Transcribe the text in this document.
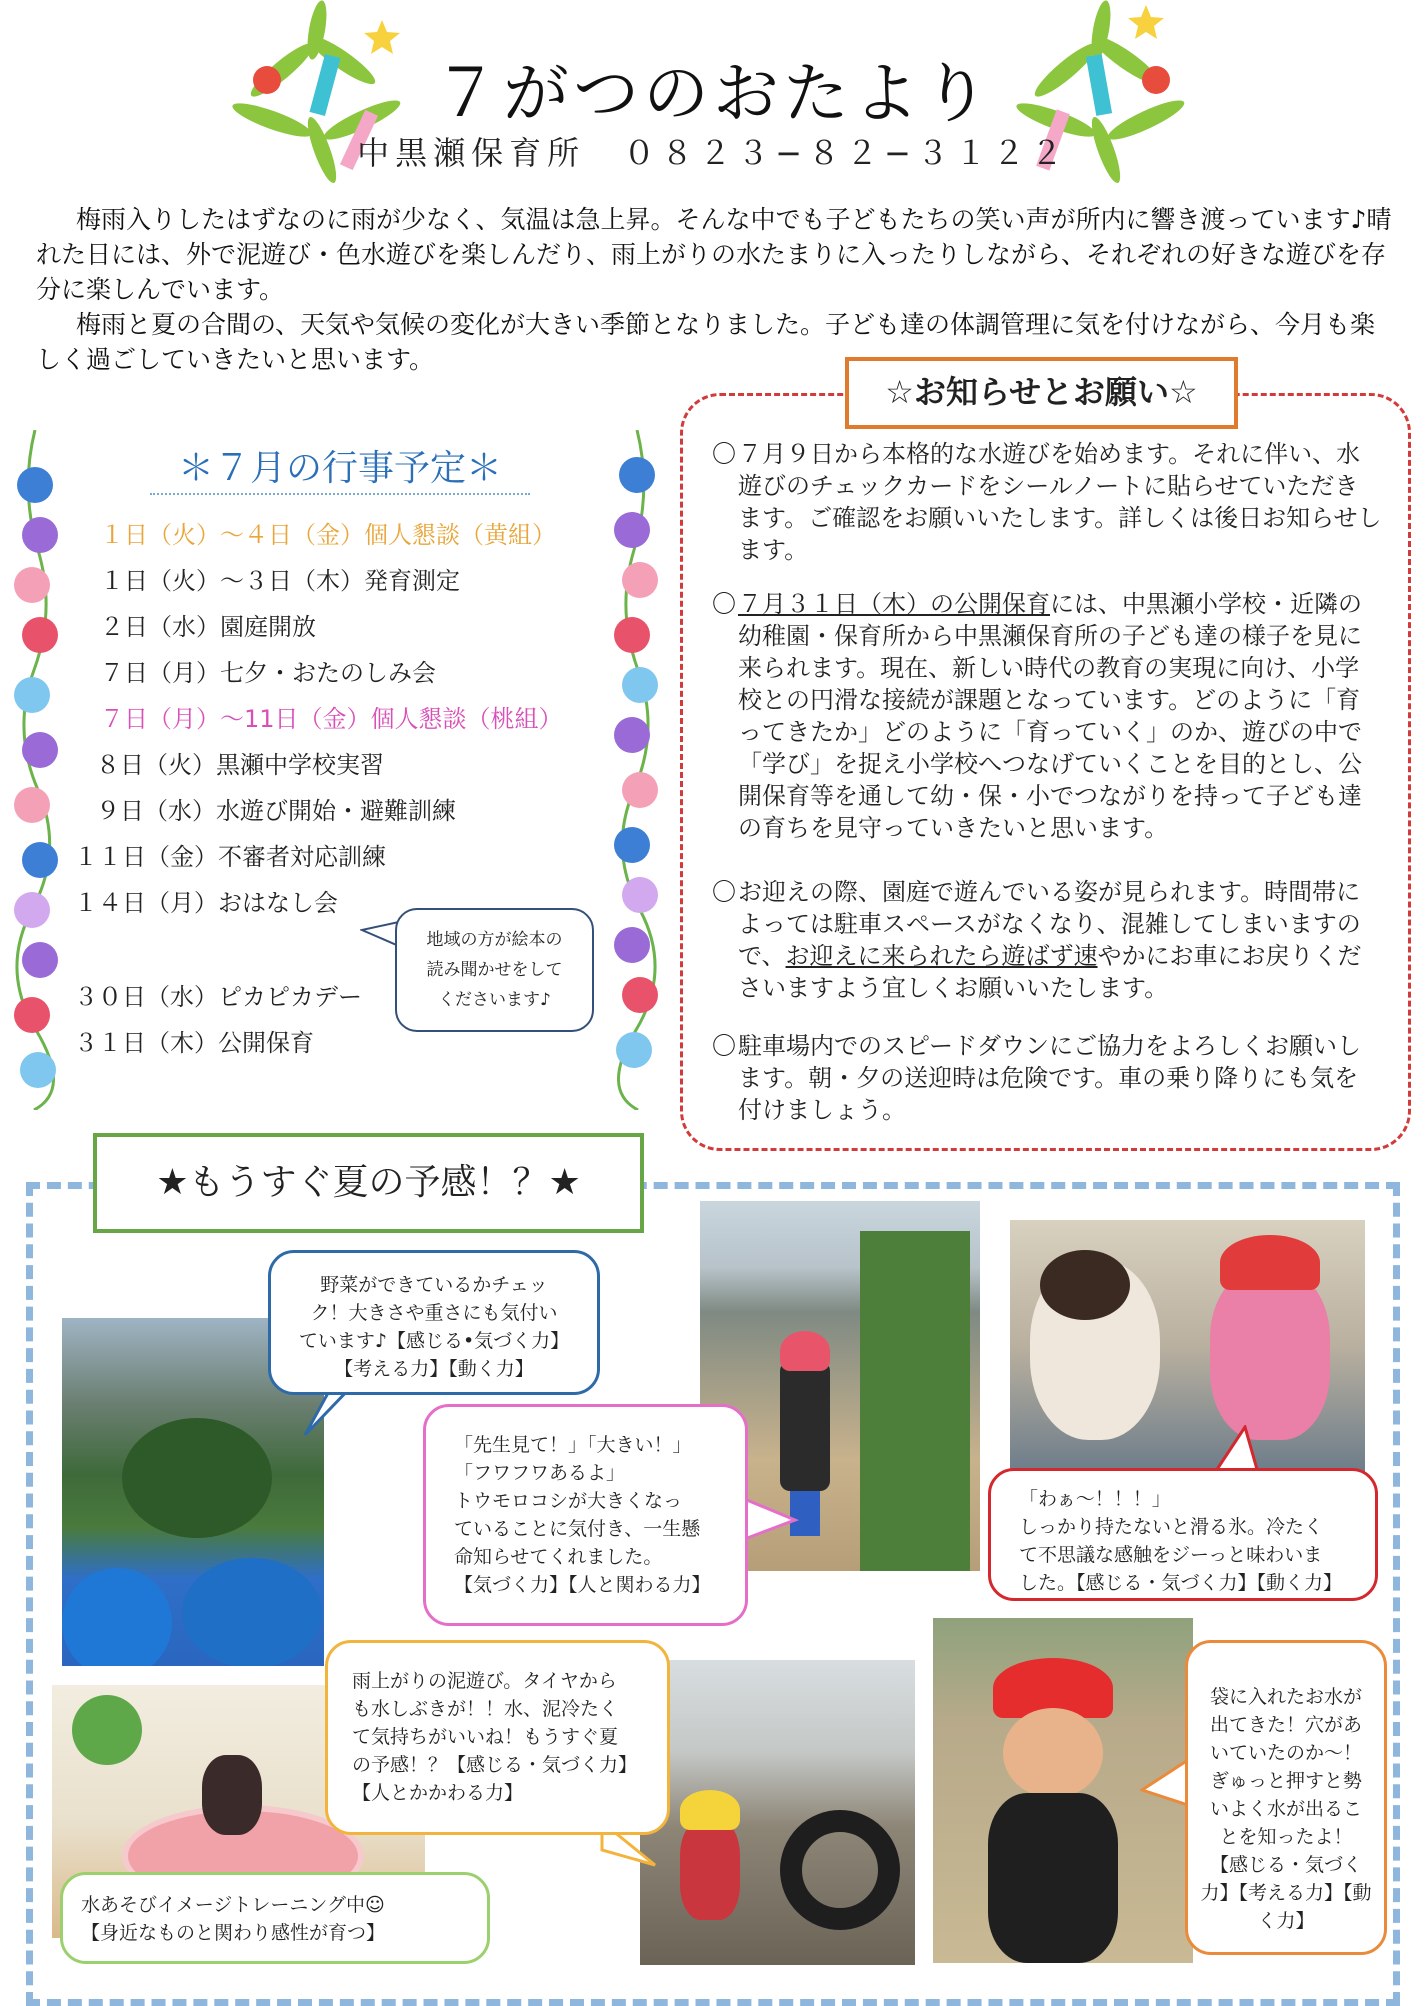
７がつのおたより
中黒瀬保育所　０８２３−８２−３１２２

梅雨入りしたはずなのに雨が少なく、気温は急上昇。そんな中でも子どもたちの笑い声が所内に響き渡っています♪晴れた日には、外で泥遊び・色水遊びを楽しんだり、雨上がりの水たまりに入ったりしながら、それぞれの好きな遊びを存分に楽しんでいます。

梅雨と夏の合間の、天気や気候の変化が大きい季節となりました。子ども達の体調管理に気を付けながら、今月も楽しく過ごしていきたいと思います。

＊７月の行事予定＊
１日（火）～４日（金）個人懇談（黄組）
１日（火）～３日（木）発育測定
２日（水）園庭開放
７日（月）七夕・おたのしみ会
７日（月）～11日（金）個人懇談（桃組）
８日（火）黒瀬中学校実習
９日（水）水遊び開始・避難訓練
１１日（金）不審者対応訓練
１４日（月）おはなし会
３０日（水）ピカピカデー
３１日（木）公開保育
地域の方が絵本の
読み聞かせをして
くださいます♪
☆お知らせとお願い☆
〇 ７月９日から本格的な水遊びを始めます。それに伴い、水遊びのチェックカードをシールノートに貼らせていただきます。ご確認をお願いいたします。詳しくは後日お知らせします。
〇 ７月３１日（木）の公開保育には、中黒瀬小学校・近隣の幼稚園・保育所から中黒瀬保育所の子ども達の様子を見に来られます。現在、新しい時代の教育の実現に向け、小学校との円滑な接続が課題となっています。どのように「育ってきたか」どのように「育っていく」のか、遊びの中で「学び」を捉え小学校へつなげていくことを目的とし、公開保育等を通して幼・保・小でつながりを持って子ども達の育ちを見守っていきたいと思います。
〇 お迎えの際、園庭で遊んでいる姿が見られます。時間帯によっては駐車スペースがなくなり、混雑してしまいますので、お迎えに来られたら遊ばず速やかにお車にお戻りくださいますよう宜しくお願いいたします。
〇 駐車場内でのスピードダウンにご協力をよろしくお願いします。朝・夕の送迎時は危険です。車の乗り降りにも気を付けましょう。
★もうすぐ夏の予感！？★
野菜ができているかチェッ
ク！大きさや重さにも気付い
ています♪【感じる•気づく力】
【考える力】【動く力】
「先生見て！」「大きい！」
「フワフワあるよ」
トウモロコシが大きくなっ
ていることに気付き、一生懸
命知らせてくれました。
【気づく力】【人と関わる力】
「わぁ～！！！」
しっかり持たないと滑る氷。冷たく
て不思議な感触をジーっと味わいま
した。【感じる・気づく力】【動く力】
雨上がりの泥遊び。タイヤから
も水しぶきが！！水、泥冷たく
て気持ちがいいね！もうすぐ夏
の予感！？【感じる・気づく力】
【人とかかわる力】
水あそびイメージトレーニング中☺
【身近なものと関わり感性が育つ】
袋に入れたお水が
出てきた！穴があ
いていたのか～！
ぎゅっと押すと勢
いよく水が出るこ
とを知ったよ！
【感じる・気づく
力】【考える力】【動
く力】
